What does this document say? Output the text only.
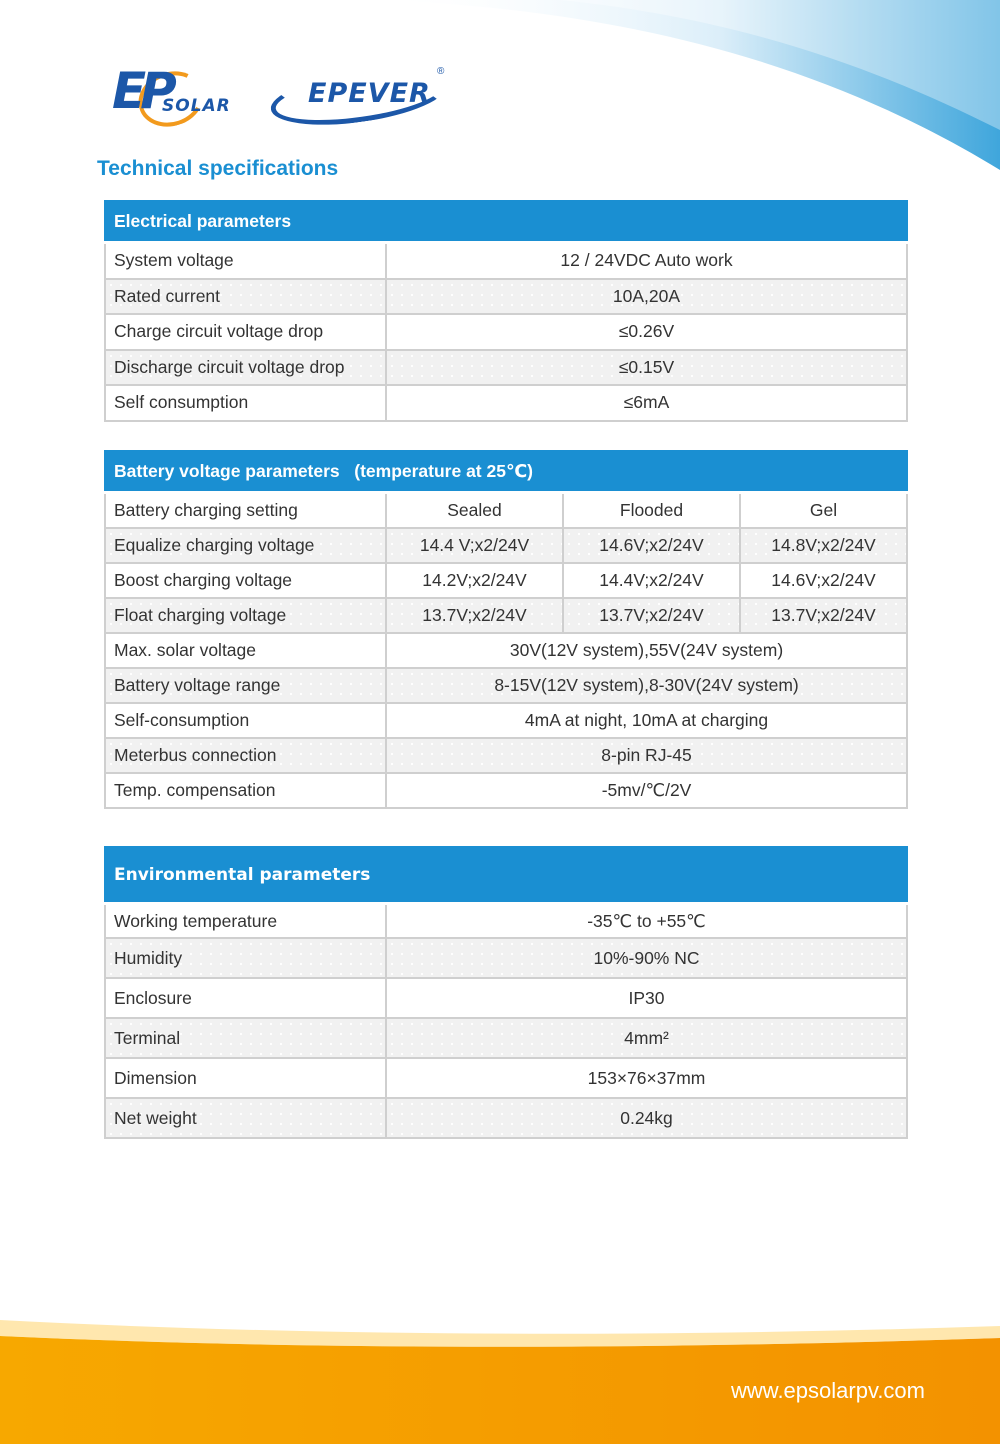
EP
SOLAR	EPEVER
®
Technical specifications
Electrical parameters	
System voltage	12 / 24VDC Auto work
Rated current	10A,20A
Charge circuit voltage drop	≤0.26V
Discharge circuit voltage drop	≤0.15V
Self consumption	≤6mA
Battery voltage parameters   (temperature at 25℃)			
Battery charging setting	Sealed	Flooded	Gel
Equalize charging voltage	14.4 V;x2/24V	14.6V;x2/24V	14.8V;x2/24V
Boost charging voltage	14.2V;x2/24V	14.4V;x2/24V	14.6V;x2/24V
Float charging voltage	13.7V;x2/24V	13.7V;x2/24V	13.7V;x2/24V
Max. solar voltage	30V(12V system),55V(24V system)		
Battery voltage range	8-15V(12V system),8-30V(24V system)		
Self-consumption	4mA at night, 10mA at charging		
Meterbus connection	8-pin RJ-45		
Temp. compensation	-5mv/℃/2V		
Environmental parameters	
Working temperature	-35℃ to +55℃
Humidity	10%-90% NC
Enclosure	IP30
Terminal	4mm²
Dimension	153×76×37mm
Net weight	0.24kg
www.epsolarpv.com
